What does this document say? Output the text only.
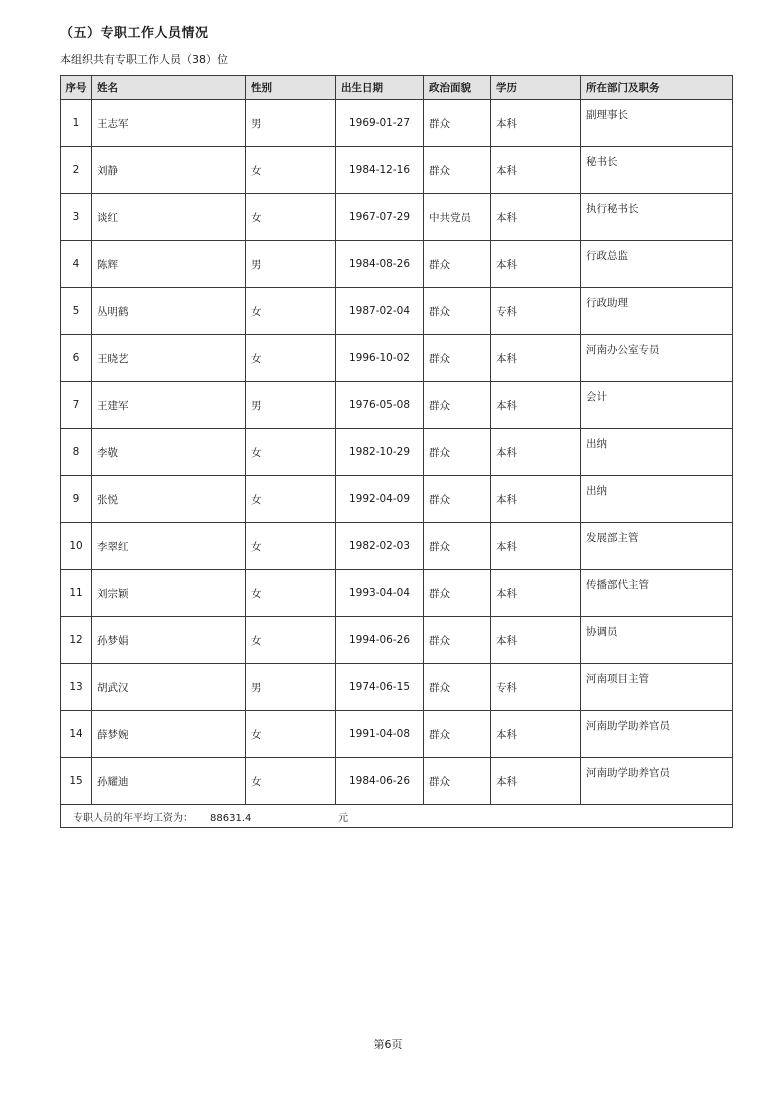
（五）专职工作人员情况
本组织共有专职工作人员（38）位
序号	姓名	性别	出生日期	政治面貌	学历	所在部门及职务
1	王志军	男	1969-01-27	群众	本科	副理事长
2	刘静	女	1984-12-16	群众	本科	秘书长
3	谈红	女	1967-07-29	中共党员	本科	执行秘书长
4	陈辉	男	1984-08-26	群众	本科	行政总监
5	丛明鹤	女	1987-02-04	群众	专科	行政助理
6	王晓艺	女	1996-10-02	群众	本科	河南办公室专员
7	王建军	男	1976-05-08	群众	本科	会计
8	李敬	女	1982-10-29	群众	本科	出纳
9	张悦	女	1992-04-09	群众	本科	出纳
10	李翠红	女	1982-02-03	群众	本科	发展部主管
11	刘宗颖	女	1993-04-04	群众	本科	传播部代主管
12	孙梦娟	女	1994-06-26	群众	本科	协调员
13	胡武汉	男	1974-06-15	群众	专科	河南项目主管
14	薛梦婉	女	1991-04-08	群众	本科	河南助学助养官员
15	孙耀迪	女	1984-06-26	群众	本科	河南助学助养官员
专职人员的年平均工资为： 88631.4 元						
第6页
